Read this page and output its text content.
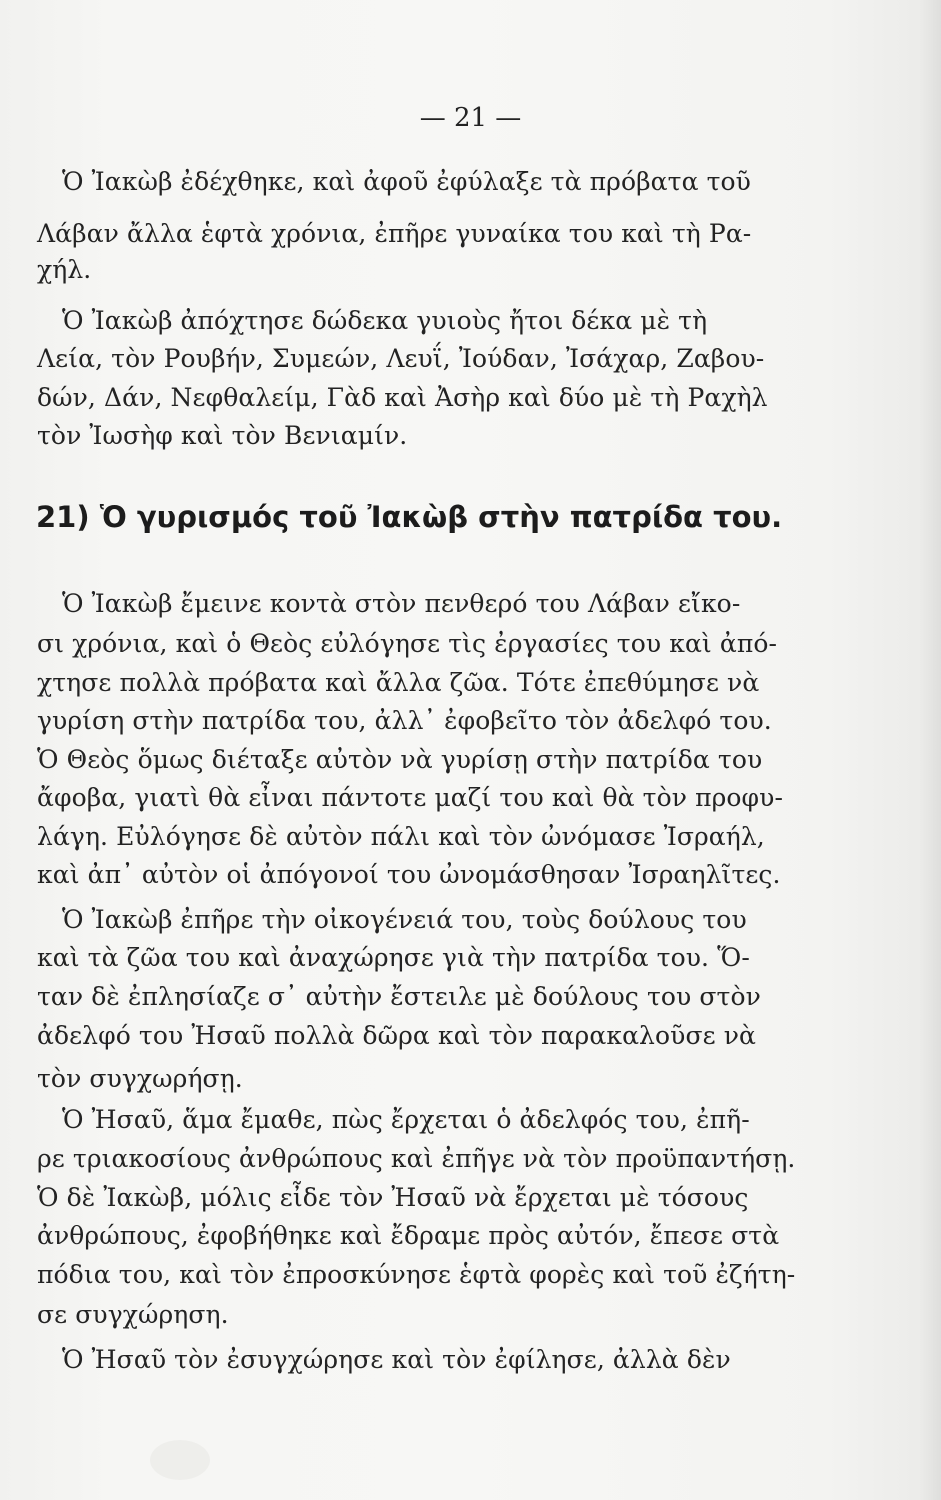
— 21 —
Ὁ Ἰακὼβ ἐδέχθηκε, καὶ ἀφοῦ ἐφύλαξε τὰ πρόβατα τοῦ
Λάβαν ἄλλα ἑφτὰ χρόνια, ἐπῆρε γυναίκα του καὶ τὴ Ρα-
χήλ.
Ὁ Ἰακὼβ ἀπόχτησε δώδεκα γυιοὺς ἤτοι δέκα μὲ τὴ
Λεία, τὸν Ρουβήν, Συμεών, Λευΐ, Ἰούδαν, Ἰσάχαρ, Ζαβου-
δών, Δάν, Νεφθαλείμ, Γὰδ καὶ Ἀσὴρ καὶ δύο μὲ τὴ Ραχὴλ
τὸν Ἰωσὴφ καὶ τὸν Βενιαμίν.
21) Ὁ γυρισμός τοῦ Ἰακὼβ στὴν πατρίδα του.
Ὁ Ἰακὼβ ἔμεινε κοντὰ στὸν πενθερό του Λάβαν εἴκο-
σι χρόνια, καὶ ὁ Θεὸς εὐλόγησε τὶς ἐργασίες του καὶ ἀπό-
χτησε πολλὰ πρόβατα καὶ ἄλλα ζῶα. Τότε ἐπεθύμησε νὰ
γυρίση στὴν πατρίδα του, ἀλλ᾽ ἐφοβεῖτο τὸν ἀδελφό του.
Ὁ Θεὸς ὅμως διέταξε αὐτὸν νὰ γυρίσῃ στὴν πατρίδα του
ἄφοβα, γιατὶ θὰ εἶναι πάντοτε μαζί του καὶ θὰ τὸν προφυ-
λάγη. Εὐλόγησε δὲ αὐτὸν πάλι καὶ τὸν ὠνόμασε Ἰσραήλ,
καὶ ἀπ᾽ αὐτὸν οἱ ἀπόγονοί του ὠνομάσθησαν Ἰσραηλῖτες.
Ὁ Ἰακὼβ ἐπῆρε τὴν οἰκογένειά του, τοὺς δούλους του
καὶ τὰ ζῶα του καὶ ἀναχώρησε γιὰ τὴν πατρίδα του. Ὅ-
ταν δὲ ἐπλησίαζε σ᾽ αὐτὴν ἔστειλε μὲ δούλους του στὸν
ἀδελφό του Ἠσαῦ πολλὰ δῶρα καὶ τὸν παρακαλοῦσε νὰ
τὸν συγχωρήσῃ.
Ὁ Ἠσαῦ, ἅμα ἔμαθε, πὼς ἔρχεται ὁ ἀδελφός του, ἐπῆ-
ρε τριακοσίους ἀνθρώπους καὶ ἐπῆγε νὰ τὸν προϋπαντήσῃ.
Ὁ δὲ Ἰακὼβ, μόλις εἶδε τὸν Ἠσαῦ νὰ ἔρχεται μὲ τόσους
ἀνθρώπους, ἐφοβήθηκε καὶ ἔδραμε πρὸς αὐτόν, ἔπεσε στὰ
πόδια του, καὶ τὸν ἐπροσκύνησε ἑφτὰ φορὲς καὶ τοῦ ἐζήτη-
σε συγχώρηση.
Ὁ Ἠσαῦ τὸν ἐσυγχώρησε καὶ τὸν ἐφίλησε, ἀλλὰ δὲν
